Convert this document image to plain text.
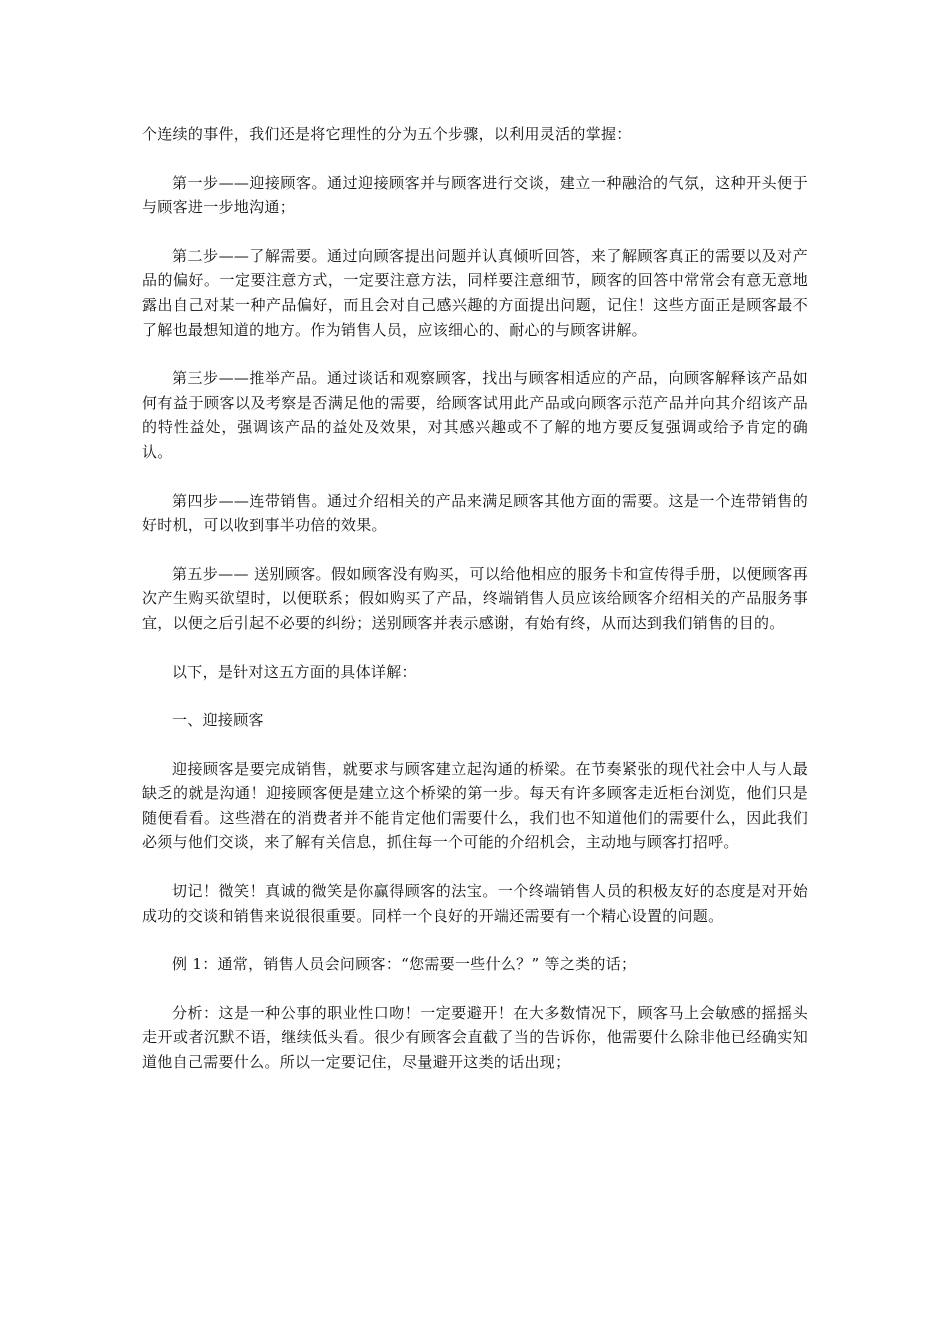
个连续的事件，我们还是将它理性的分为五个步骤，以利用灵活的掌握：

第一步——迎接顾客。通过迎接顾客并与顾客进行交谈，建立一种融洽的气氛，这种开头便于与顾客进一步地沟通；

第二步——了解需要。通过向顾客提出问题并认真倾听回答，来了解顾客真正的需要以及对产品的偏好。一定要注意方式，一定要注意方法，同样要注意细节，顾客的回答中常常会有意无意地露出自己对某一种产品偏好，而且会对自己感兴趣的方面提出问题，记住！这些方面正是顾客最不了解也最想知道的地方。作为销售人员，应该细心的、耐心的与顾客讲解。

第三步——推举产品。通过谈话和观察顾客，找出与顾客相适应的产品，向顾客解释该产品如何有益于顾客以及考察是否满足他的需要，给顾客试用此产品或向顾客示范产品并向其介绍该产品的特性益处，强调该产品的益处及效果，对其感兴趣或不了解的地方要反复强调或给予肯定的确认。

第四步——连带销售。通过介绍相关的产品来满足顾客其他方面的需要。这是一个连带销售的好时机，可以收到事半功倍的效果。

第五步—— 送别顾客。假如顾客没有购买，可以给他相应的服务卡和宣传得手册，以便顾客再次产生购买欲望时，以便联系；假如购买了产品，终端销售人员应该给顾客介绍相关的产品服务事宜，以便之后引起不必要的纠纷；送别顾客并表示感谢，有始有终，从而达到我们销售的目的。

以下，是针对这五方面的具体详解：

一、迎接顾客

迎接顾客是要完成销售，就要求与顾客建立起沟通的桥梁。在节奏紧张的现代社会中人与人最缺乏的就是沟通！迎接顾客便是建立这个桥梁的第一步。每天有许多顾客走近柜台浏览，他们只是随便看看。这些潜在的消费者并不能肯定他们需要什么，我们也不知道他们的需要什么，因此我们必须与他们交谈，来了解有关信息，抓住每一个可能的介绍机会，主动地与顾客打招呼。

切记！微笑！真诚的微笑是你赢得顾客的法宝。一个终端销售人员的积极友好的态度是对开始成功的交谈和销售来说很很重要。同样一个良好的开端还需要有一个精心设置的问题。

例 1：通常，销售人员会问顾客：“您需要一些什么？” 等之类的话；

分析：这是一种公事的职业性口吻！一定要避开！在大多数情况下，顾客马上会敏感的摇摇头走开或者沉默不语，继续低头看。很少有顾客会直截了当的告诉你，他需要什么除非他已经确实知道他自己需要什么。所以一定要记住，尽量避开这类的话出现；
